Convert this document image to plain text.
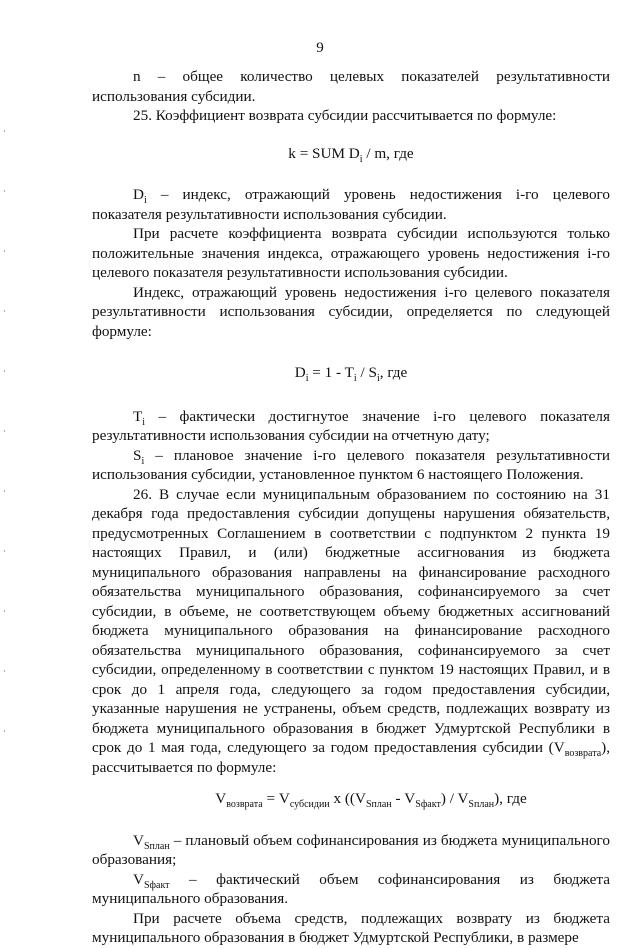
9

n – общее количество целевых показателей результативности использования субсидии.

25. Коэффициент возврата субсидии рассчитывается по формуле:

k = SUM $D_i$ / m, где

$D_i$ – индекс, отражающий уровень недостижения i-го целевого показателя результативности использования субсидии.

При расчете коэффициента возврата субсидии используются только положительные значения индекса, отражающего уровень недостижения i-го целевого показателя результативности использования субсидии.

Индекс, отражающий уровень недостижения i-го целевого показателя результативности использования субсидии, определяется по следующей формуле:

$D_i = 1 - T_i / S_i$, где

$T_i$ – фактически достигнутое значение i-го целевого показателя результативности использования субсидии на отчетную дату;

$S_i$ – плановое значение i-го целевого показателя результативности использования субсидии, установленное пунктом 6 настоящего Положения.

26. В случае если муниципальным образованием по состоянию на 31 декабря года предоставления субсидии допущены нарушения обязательств, предусмотренных Соглашением в соответствии с подпунктом 2 пункта 19 настоящих Правил, и (или) бюджетные ассигнования из бюджета муниципального образования направлены на финансирование расходного обязательства муниципального образования, софинансируемого за счет субсидии, в объеме, не соответствующем объему бюджетных ассигнований бюджета муниципального образования на финансирование расходного обязательства муниципального образования, софинансируемого за счет субсидии, определенному в соответствии с пунктом 19 настоящих Правил, и в срок до 1 апреля года, следующего за годом предоставления субсидии, указанные нарушения не устранены, объем средств, подлежащих возврату из бюджета муниципального образования в бюджет Удмуртской Республики в срок до 1 мая года, следующего за годом предоставления субсидии $(V_{возврата})$, рассчитывается по формуле:

$V_{возврата} = V_{субсидии}$ x $((V_{Sплан} - V_{Sфакт}) / V_{Sплан})$, где

$V_{Sплан}$ – плановый объем софинансирования из бюджета муниципального образования;

$V_{Sфакт}$ – фактический объем софинансирования из бюджета муниципального образования.

При расчете объема средств, подлежащих возврату из бюджета муниципального образования в бюджет Удмуртской Республики, в размере
